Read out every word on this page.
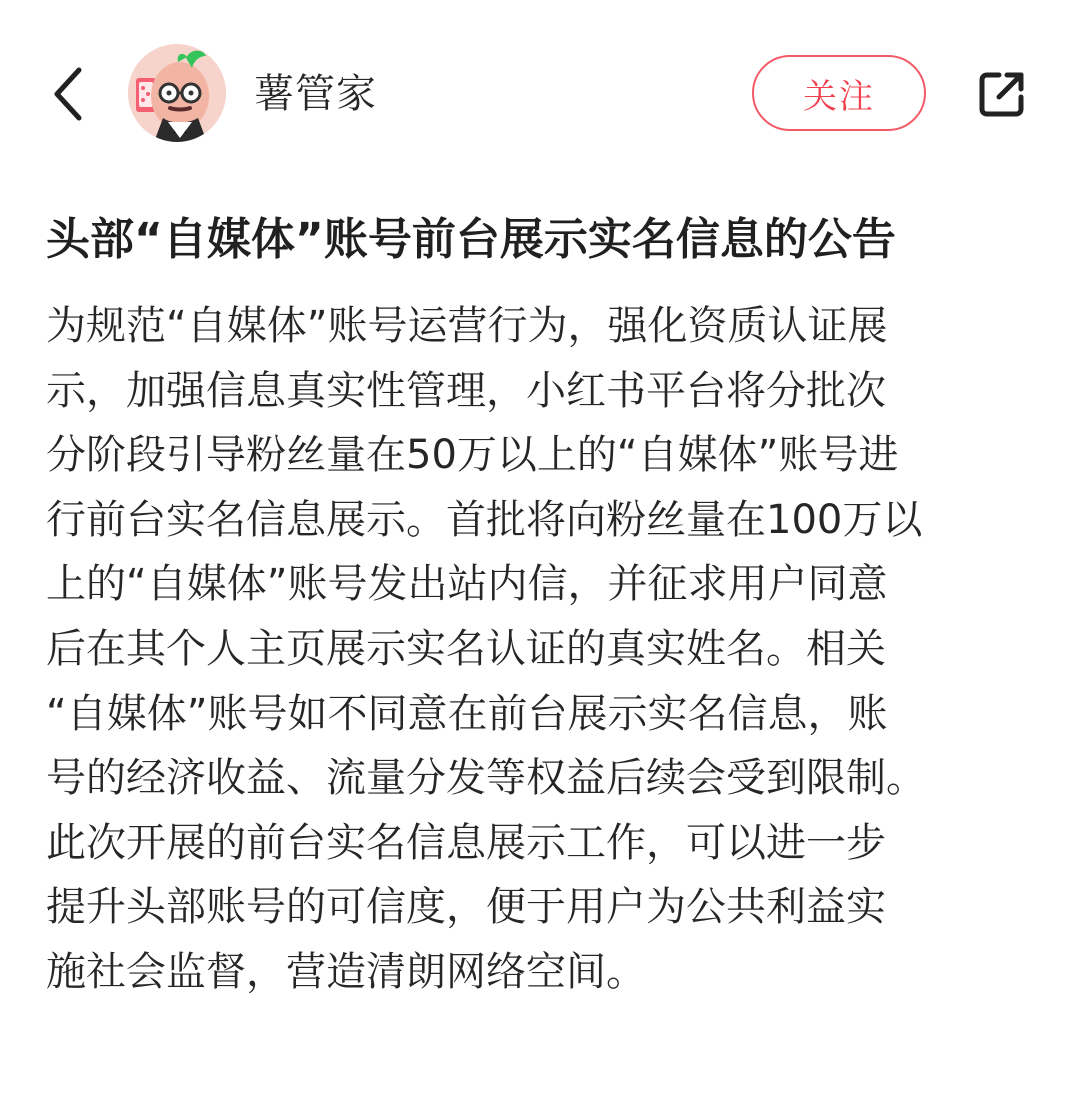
薯管家	关注
头部“自媒体”账号前台展示实名信息的公告
为规范“自媒体”账号运营行为，强化资质认证展
示，加强信息真实性管理，小红书平台将分批次
分阶段引导粉丝量在50万以上的“自媒体”账号进
行前台实名信息展示。首批将向粉丝量在100万以
上的“自媒体”账号发出站内信，并征求用户同意
后在其个人主页展示实名认证的真实姓名。相关
“自媒体”账号如不同意在前台展示实名信息，账
号的经济收益、流量分发等权益后续会受到限制。
此次开展的前台实名信息展示工作，可以进一步
提升头部账号的可信度，便于用户为公共利益实
施社会监督，营造清朗网络空间。
